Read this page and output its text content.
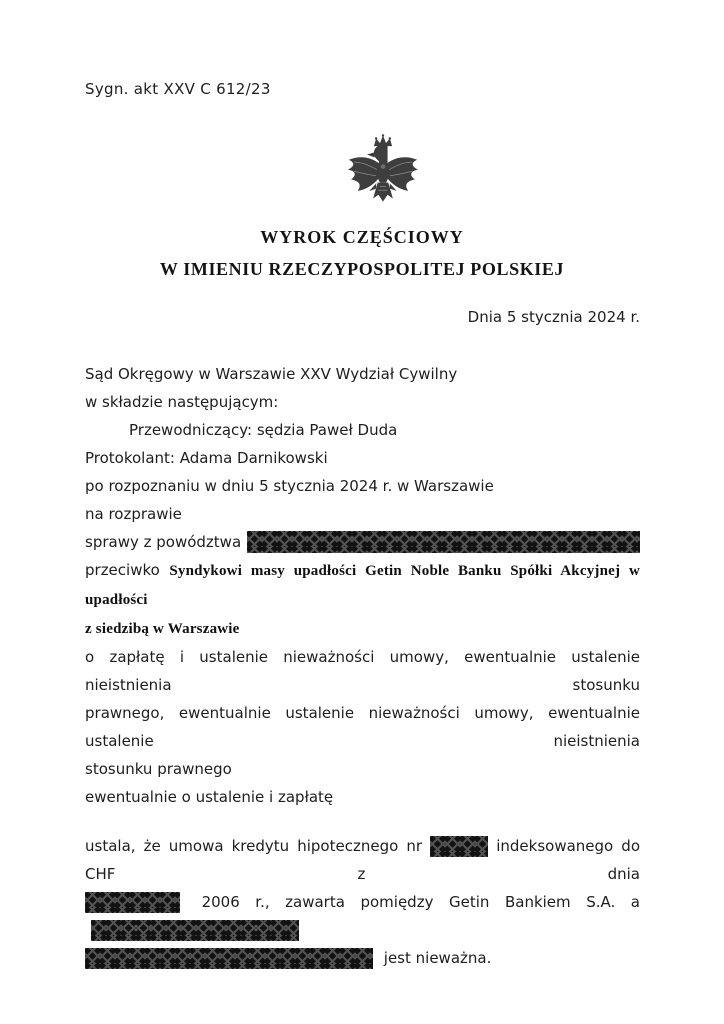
Sygn. akt XXV C 612/23
WYROK CZĘŚCIOWY
W IMIENIU RZECZYPOSPOLITEJ POLSKIEJ
Dnia 5 stycznia 2024 r.
Sąd Okręgowy w Warszawie XXV Wydział Cywilny
w składzie następującym:
Przewodniczący: sędzia Paweł Duda
Protokolant: Adama Darnikowski
po rozpoznaniu w dniu 5 stycznia 2024 r. w Warszawie
na rozprawie
sprawy z powództwa
przeciwko Syndykowi masy upadłości Getin Noble Banku Spółki Akcyjnej w upadłości
z siedzibą w Warszawie
o zapłatę i ustalenie nieważności umowy, ewentualnie ustalenie nieistnienia stosunku
prawnego, ewentualnie ustalenie nieważności umowy, ewentualnie ustalenie nieistnienia
stosunku prawnego
ewentualnie o ustalenie i zapłatę
ustala, że umowa kredytu hipotecznego nr	indeksowanego do CHF z dnia
2006 r., zawarta pomiędzy Getin Bankiem S.A. a
jest nieważna.
